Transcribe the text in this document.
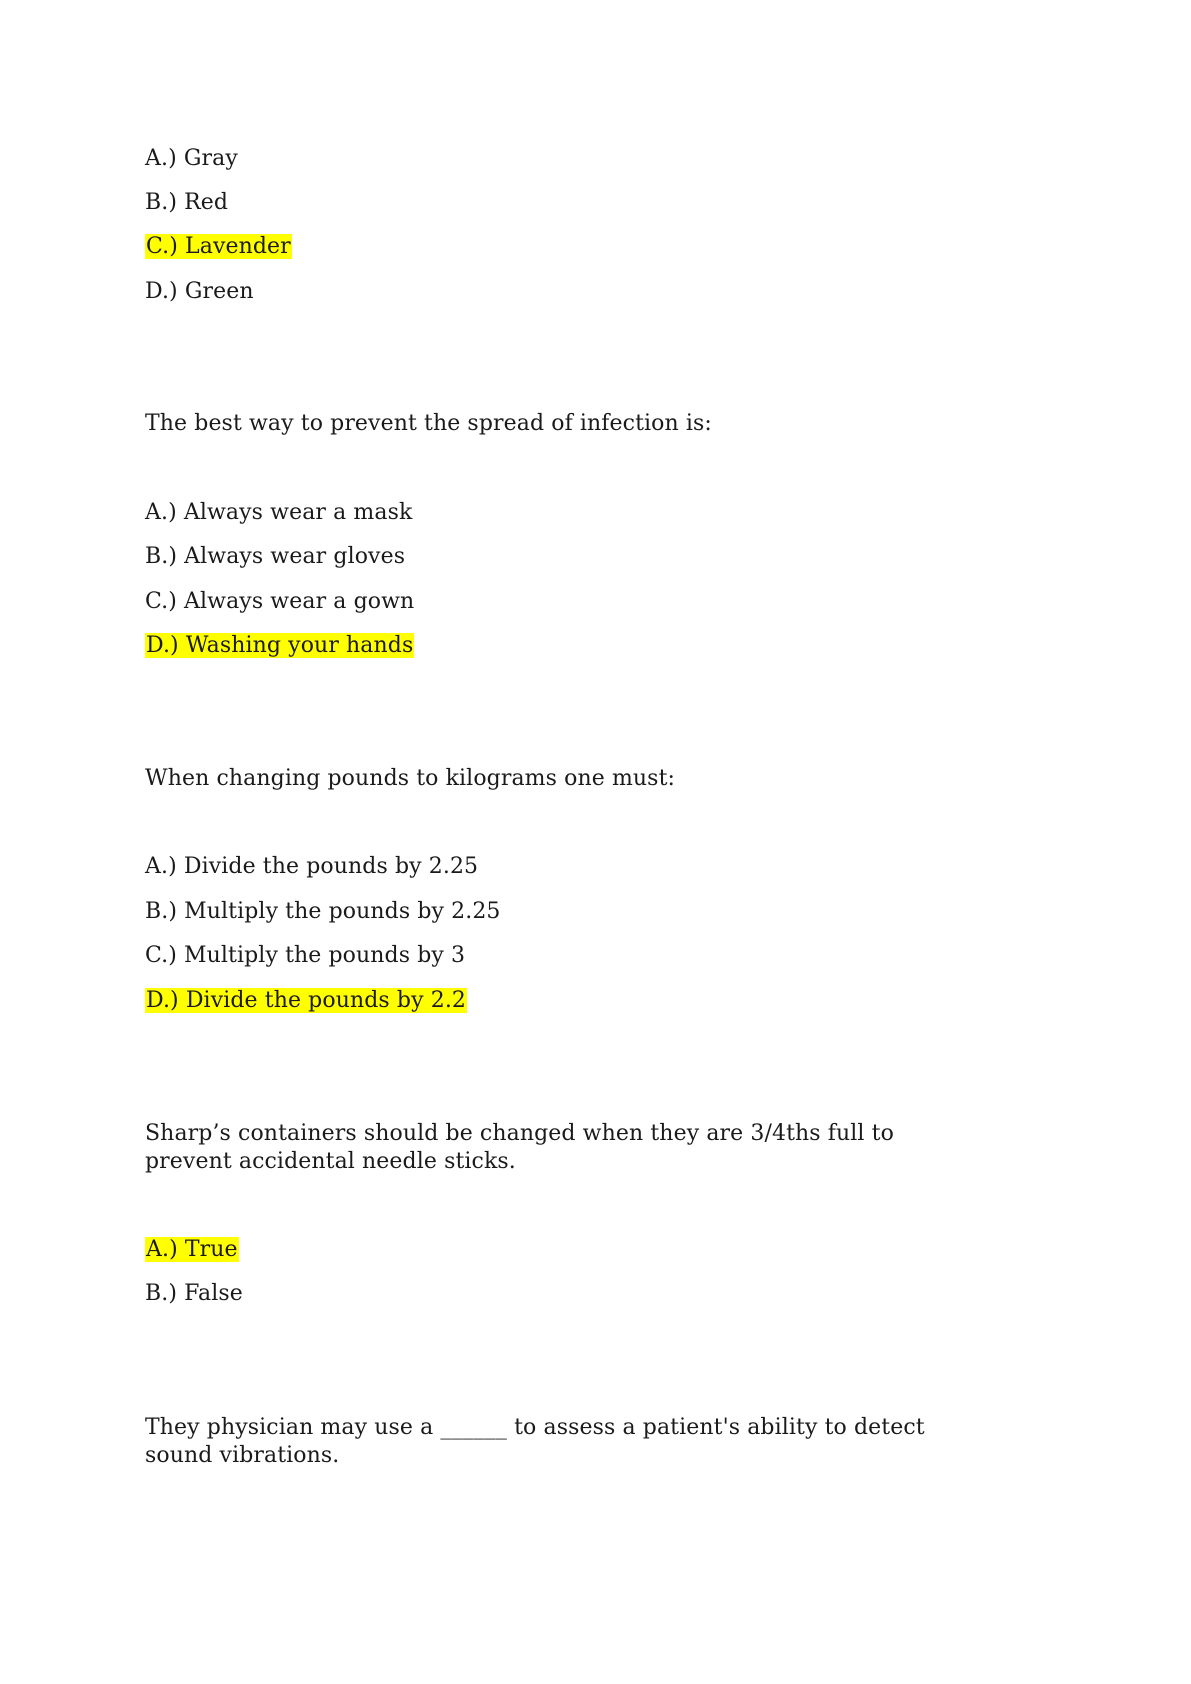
A.) Gray
B.) Red
C.) Lavender
D.) Green
The best way to prevent the spread of infection is:
A.) Always wear a mask
B.) Always wear gloves
C.) Always wear a gown
D.) Washing your hands
When changing pounds to kilograms one must:
A.) Divide the pounds by 2.25
B.) Multiply the pounds by 2.25
C.) Multiply the pounds by 3
D.) Divide the pounds by 2.2
Sharp’s containers should be changed when they are 3/4ths full to prevent accidental needle sticks.
A.) True
B.) False
They physician may use a ______ to assess a patient's ability to detect sound vibrations.
